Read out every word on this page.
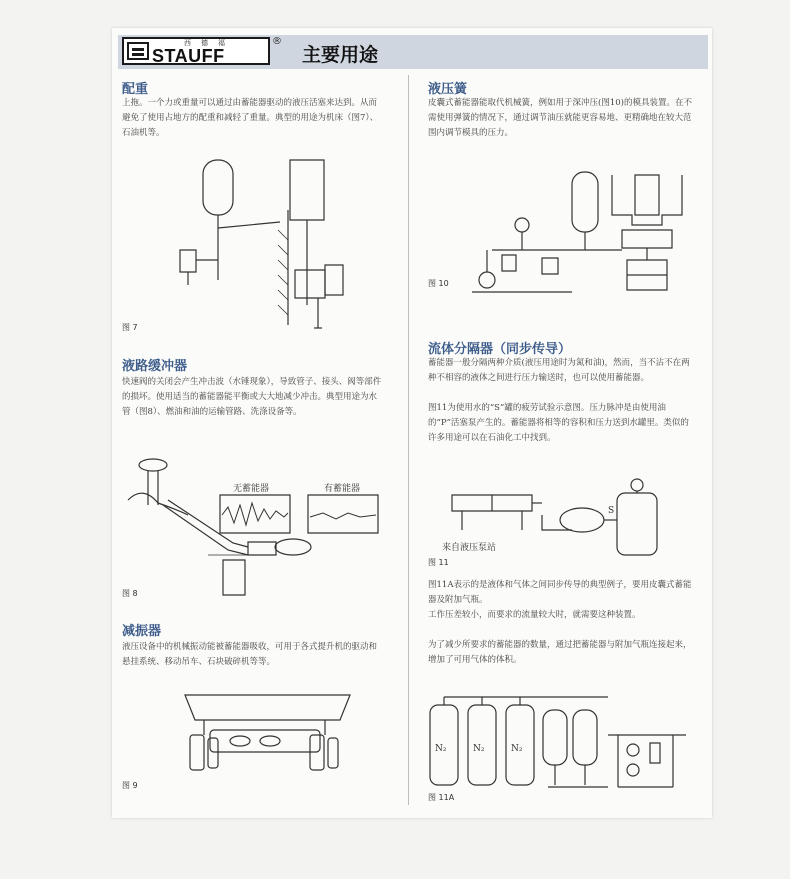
西德福
STAUFF
®
主要用途
配重
上拖。一个力或重量可以通过由蓄能器驱动的液压活塞来达到。从而避免了使用占地方的配重和减轻了重量。典型的用途为机床（图7）、石油机等。
图 7
液路缓冲器
快速阀的关闭会产生冲击波（水锤现象），导致管子、接头、阀等部件的损坏。使用适当的蓄能器能平衡或大大地减少冲击。典型用途为水管（图8）、燃油和油的运输管路、洗涤设备等。
无蓄能器	有蓄能器
图 8
减振器
液压设备中的机械振动能被蓄能器吸收，可用于各式提升机的驱动和悬挂系统、移动吊车、石块破碎机等等。
图 9
液压簧
皮囊式蓄能器能取代机械簧，例如用于深冲压(图10)的模具装置。在不需使用弹簧的情况下，通过调节油压就能更容易地、更精确地在较大范围内调节模具的压力。
图 10
流体分隔器（同步传导）
蓄能器一般分隔两种介质(液压用途时为氮和油)，然而，当不沾不在两种不相容的液体之间进行压力输送时，也可以使用蓄能器。
图11为使用水的“S”罐的疲劳试验示意图。压力脉冲是由使用油的“P”活塞泵产生的。蓄能器将相等的容积和压力送到水罐里。类似的许多用途可以在石油化工中找到。
来自液压泵站
S
图 11
图11A表示的是液体和气体之间同步传导的典型例子，要用皮囊式蓄能器及附加气瓶。
工作压差较小，而要求的流量较大时，就需要这种装置。
为了减少所要求的蓄能器的数量，通过把蓄能器与附加气瓶连接起来，增加了可用气体的体积。
N₂	N₂	N₂
图 11A
